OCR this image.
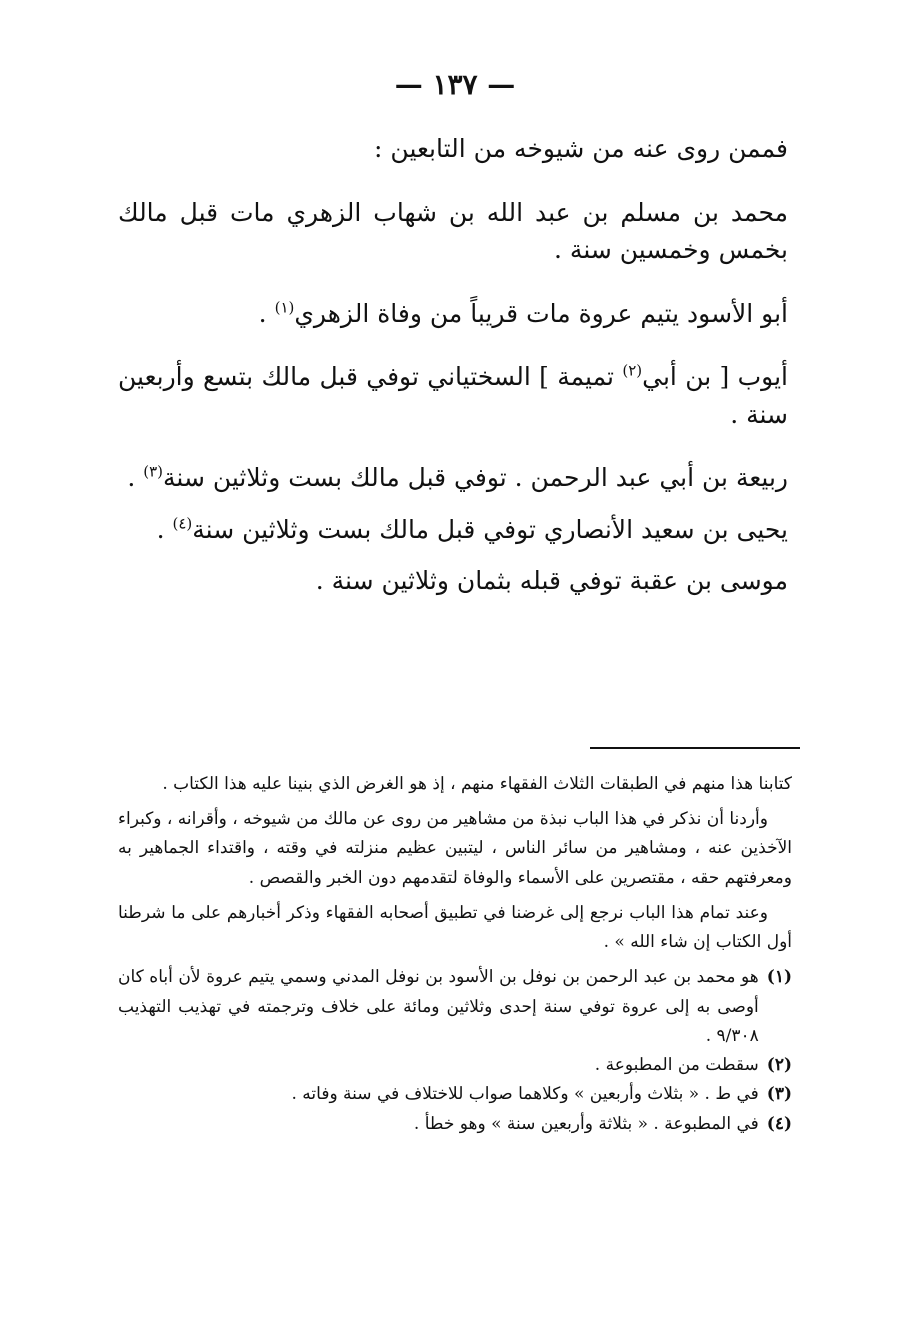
— ١٣٧ —

فممن روى عنه من شيوخه من التابعين :

محمد بن مسلم بن عبد الله بن شهاب الزهري مات قبل مالك بخمس وخمسين سنة .

أبو الأسود يتيم عروة مات قريباً من وفاة الزهري$^{(١)}$ .

أيوب [ بن أبي$^{(٢)}$ تميمة ] السختياني توفي قبل مالك بتسع وأربعين سنة .

ربيعة بن أبي عبد الرحمن . توفي قبل مالك بست وثلاثين سنة$^{(٣)}$ .

يحيى بن سعيد الأنصاري توفي قبل مالك بست وثلاثين سنة$^{(٤)}$ .

موسى بن عقبة توفي قبله بثمان وثلاثين سنة .

كتابنا هذا منهم في الطبقات الثلاث الفقهاء منهم ، إذ هو الغرض الذي بنينا عليه هذا الكتاب .

وأردنا أن نذكر في هذا الباب نبذة من مشاهير من روى عن مالك من شيوخه ، وأقرانه ، وكبراء الآخذين عنه ، ومشاهير من سائر الناس ، ليتبين عظيم منزلته في وقته ، واقتداء الجماهير به ومعرفتهم حقه ، مقتصرين على الأسماء والوفاة لتقدمهم دون الخبر والقصص .

وعند تمام هذا الباب نرجع إلى غرضنا في تطبيق أصحابه الفقهاء وذكر أخبارهم على ما شرطنا أول الكتاب إن شاء الله » .

(١)
هو محمد بن عبد الرحمن بن نوفل بن الأسود بن نوفل المدني وسمي يتيم عروة لأن أباه كان أوصى به إلى عروة توفي سنة إحدى وثلاثين ومائة على خلاف وترجمته في تهذيب التهذيب ٩/٣٠٨ .
(٢)
سقطت من المطبوعة .
(٣)
في ط . « بثلاث وأربعين » وكلاهما صواب للاختلاف في سنة وفاته .
(٤)
في المطبوعة . « بثلاثة وأربعين سنة » وهو خطأ .
